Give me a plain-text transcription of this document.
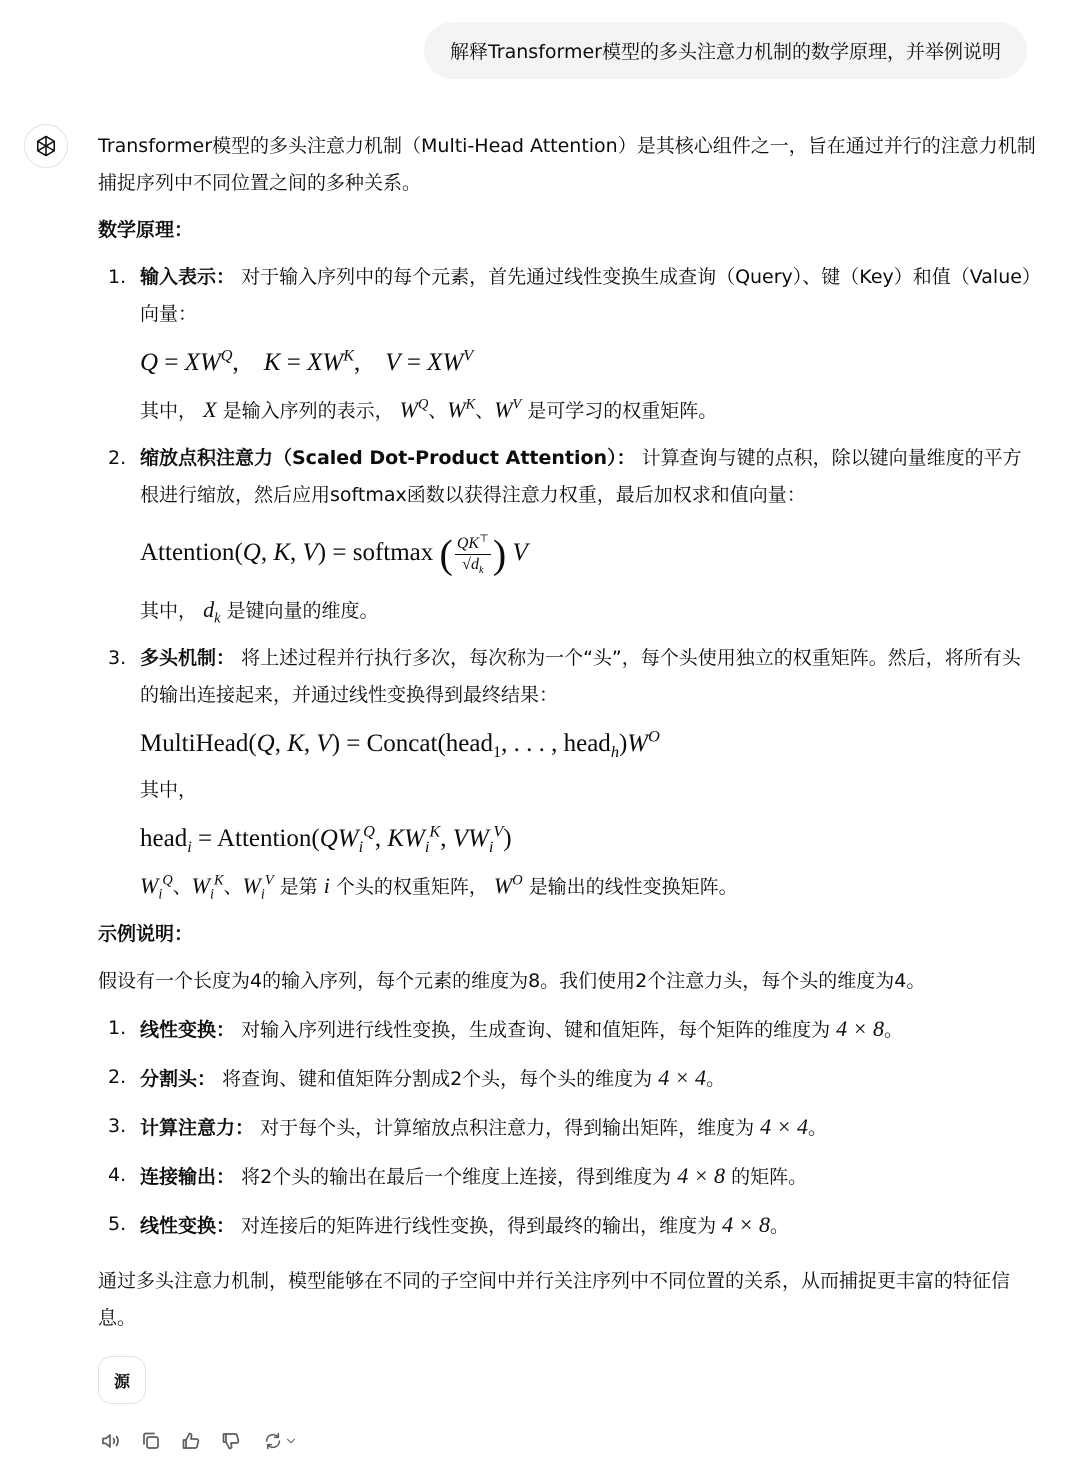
解释Transformer模型的多头注意力机制的数学原理，并举例说明

Transformer模型的多头注意力机制（Multi-Head Attention）是其核心组件之一，旨在通过并行的注意力机制捕捉序列中不同位置之间的多种关系。

数学原理：

1. 输入表示： 对于输入序列中的每个元素，首先通过线性变换生成查询（Query）、键（Key）和值（Value）向量：
$Q = XW^Q$,    $K = XW^K$,    $V = XW^V$
其中， X 是输入序列的表示， $W^Q$、$W^K$、$W^V$ 是可学习的权重矩阵。
2. 缩放点积注意力（Scaled Dot-Product Attention）： 计算查询与键的点积，除以键向量维度的平方根进行缩放，然后应用softmax函数以获得注意力权重，最后加权求和值向量：
Attention(Q, K, V) = softmax ( $\frac{QK^⊤}{√d_k}$ ) V
其中， $d_k$ 是键向量的维度。
3. 多头机制： 将上述过程并行执行多次，每次称为一个“头”，每个头使用独立的权重矩阵。然后，将所有头的输出连接起来，并通过线性变换得到最终结果：
MultiHead(Q, K, V) = Concat(head$_1$, . . . , $head_h)W^O$
其中，
head$_i$ = $Attention(QW_i^Q$, $KW_i^K$, $VW_i^V$)
$W_i^Q$、$W_i^K$、$W_i^V$ 是第 i 个头的权重矩阵， $W^O$ 是输出的线性变换矩阵。

示例说明：

假设有一个长度为4的输入序列，每个元素的维度为8。我们使用2个注意力头，每个头的维度为4。

1. 线性变换： 对输入序列进行线性变换，生成查询、键和值矩阵，每个矩阵的维度为 4 × 8。
2. 分割头： 将查询、键和值矩阵分割成2个头，每个头的维度为 4 × 4。
3. 计算注意力： 对于每个头，计算缩放点积注意力，得到输出矩阵，维度为 4 × 4。
4. 连接输出： 将2个头的输出在最后一个维度上连接，得到维度为 4 × 8 的矩阵。
5. 线性变换： 对连接后的矩阵进行线性变换，得到最终的输出，维度为 4 × 8。

通过多头注意力机制，模型能够在不同的子空间中并行关注序列中不同位置的关系，从而捕捉更丰富的特征信息。

源
